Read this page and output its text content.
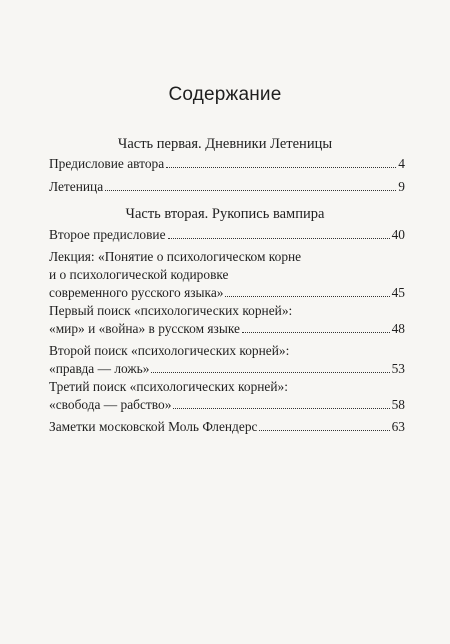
Содержание
Часть первая. Дневники Летеницы
Предисловие автора	4
Летеница	9
Часть вторая. Рукопись вампира
Второе предисловие	40
Лекция: «Понятие о психологическом корне
и о психологической кодировке
современного русского языка»	45
Первый поиск «психологических корней»:
«мир» и «война» в русском языке	48
Второй поиск «психологических корней»:
«правда — ложь»	53
Третий поиск «психологических корней»:
«свобода — рабство»	58
Заметки московской Моль Флендерс	63
